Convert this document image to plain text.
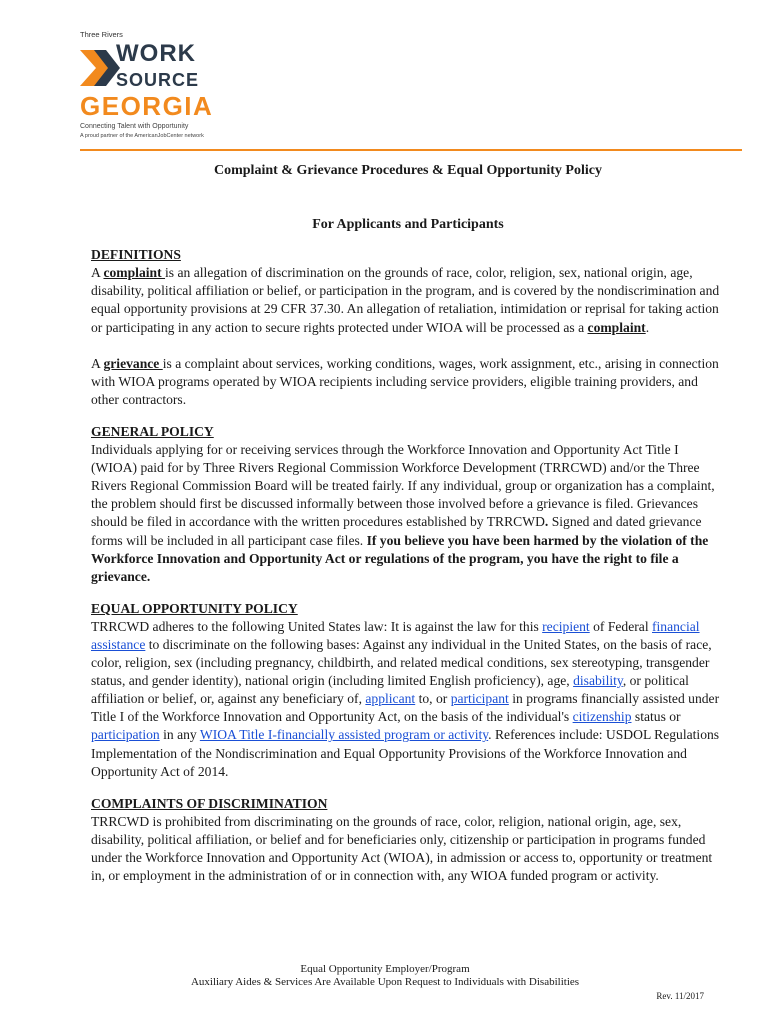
Three Rivers
WORK
SOURCE
GEORGIA
Connecting Talent with Opportunity
A proud partner of the AmericanJobCenter network

Complaint & Grievance Procedures & Equal Opportunity Policy

For Applicants and Participants

DEFINITIONS

A complaint is an allegation of discrimination on the grounds of race, color, religion, sex, national origin, age, disability, political affiliation or belief, or participation in the program, and is covered by the nondiscrimination and equal opportunity provisions at 29 CFR 37.30. An allegation of retaliation, intimidation or reprisal for taking action or participating in any action to secure rights protected under WIOA will be processed as a complaint.

A grievance is a complaint about services, working conditions, wages, work assignment, etc., arising in connection with WIOA programs operated by WIOA recipients including service providers, eligible training providers, and other contractors.

GENERAL POLICY

Individuals applying for or receiving services through the Workforce Innovation and Opportunity Act Title I (WIOA) paid for by Three Rivers Regional Commission Workforce Development (TRRCWD) and/or the Three Rivers Regional Commission Board will be treated fairly. If any individual, group or organization has a complaint, the problem should first be discussed informally between those involved before a grievance is filed. Grievances should be filed in accordance with the written procedures established by TRRCWD. Signed and dated grievance forms will be included in all participant case files. If you believe you have been harmed by the violation of the Workforce Innovation and Opportunity Act or regulations of the program, you have the right to file a grievance.

EQUAL OPPORTUNITY POLICY

TRRCWD adheres to the following United States law: It is against the law for this recipient of Federal financial assistance to discriminate on the following bases: Against any individual in the United States, on the basis of race, color, religion, sex (including pregnancy, childbirth, and related medical conditions, sex stereotyping, transgender status, and gender identity), national origin (including limited English proficiency), age, disability, or political affiliation or belief, or, against any beneficiary of, applicant to, or participant in programs financially assisted under Title I of the Workforce Innovation and Opportunity Act, on the basis of the individual's citizenship status or participation in any WIOA Title I-financially assisted program or activity. References include: USDOL Regulations Implementation of the Nondiscrimination and Equal Opportunity Provisions of the Workforce Innovation and Opportunity Act of 2014.

COMPLAINTS OF DISCRIMINATION

TRRCWD is prohibited from discriminating on the grounds of race, color, religion, national origin, age, sex, disability, political affiliation, or belief and for beneficiaries only, citizenship or participation in programs funded under the Workforce Innovation and Opportunity Act (WIOA), in admission or access to, opportunity or treatment in, or employment in the administration of or in connection with, any WIOA funded program or activity.

Equal Opportunity Employer/Program
Auxiliary Aides & Services Are Available Upon Request to Individuals with Disabilities
Rev. 11/2017
